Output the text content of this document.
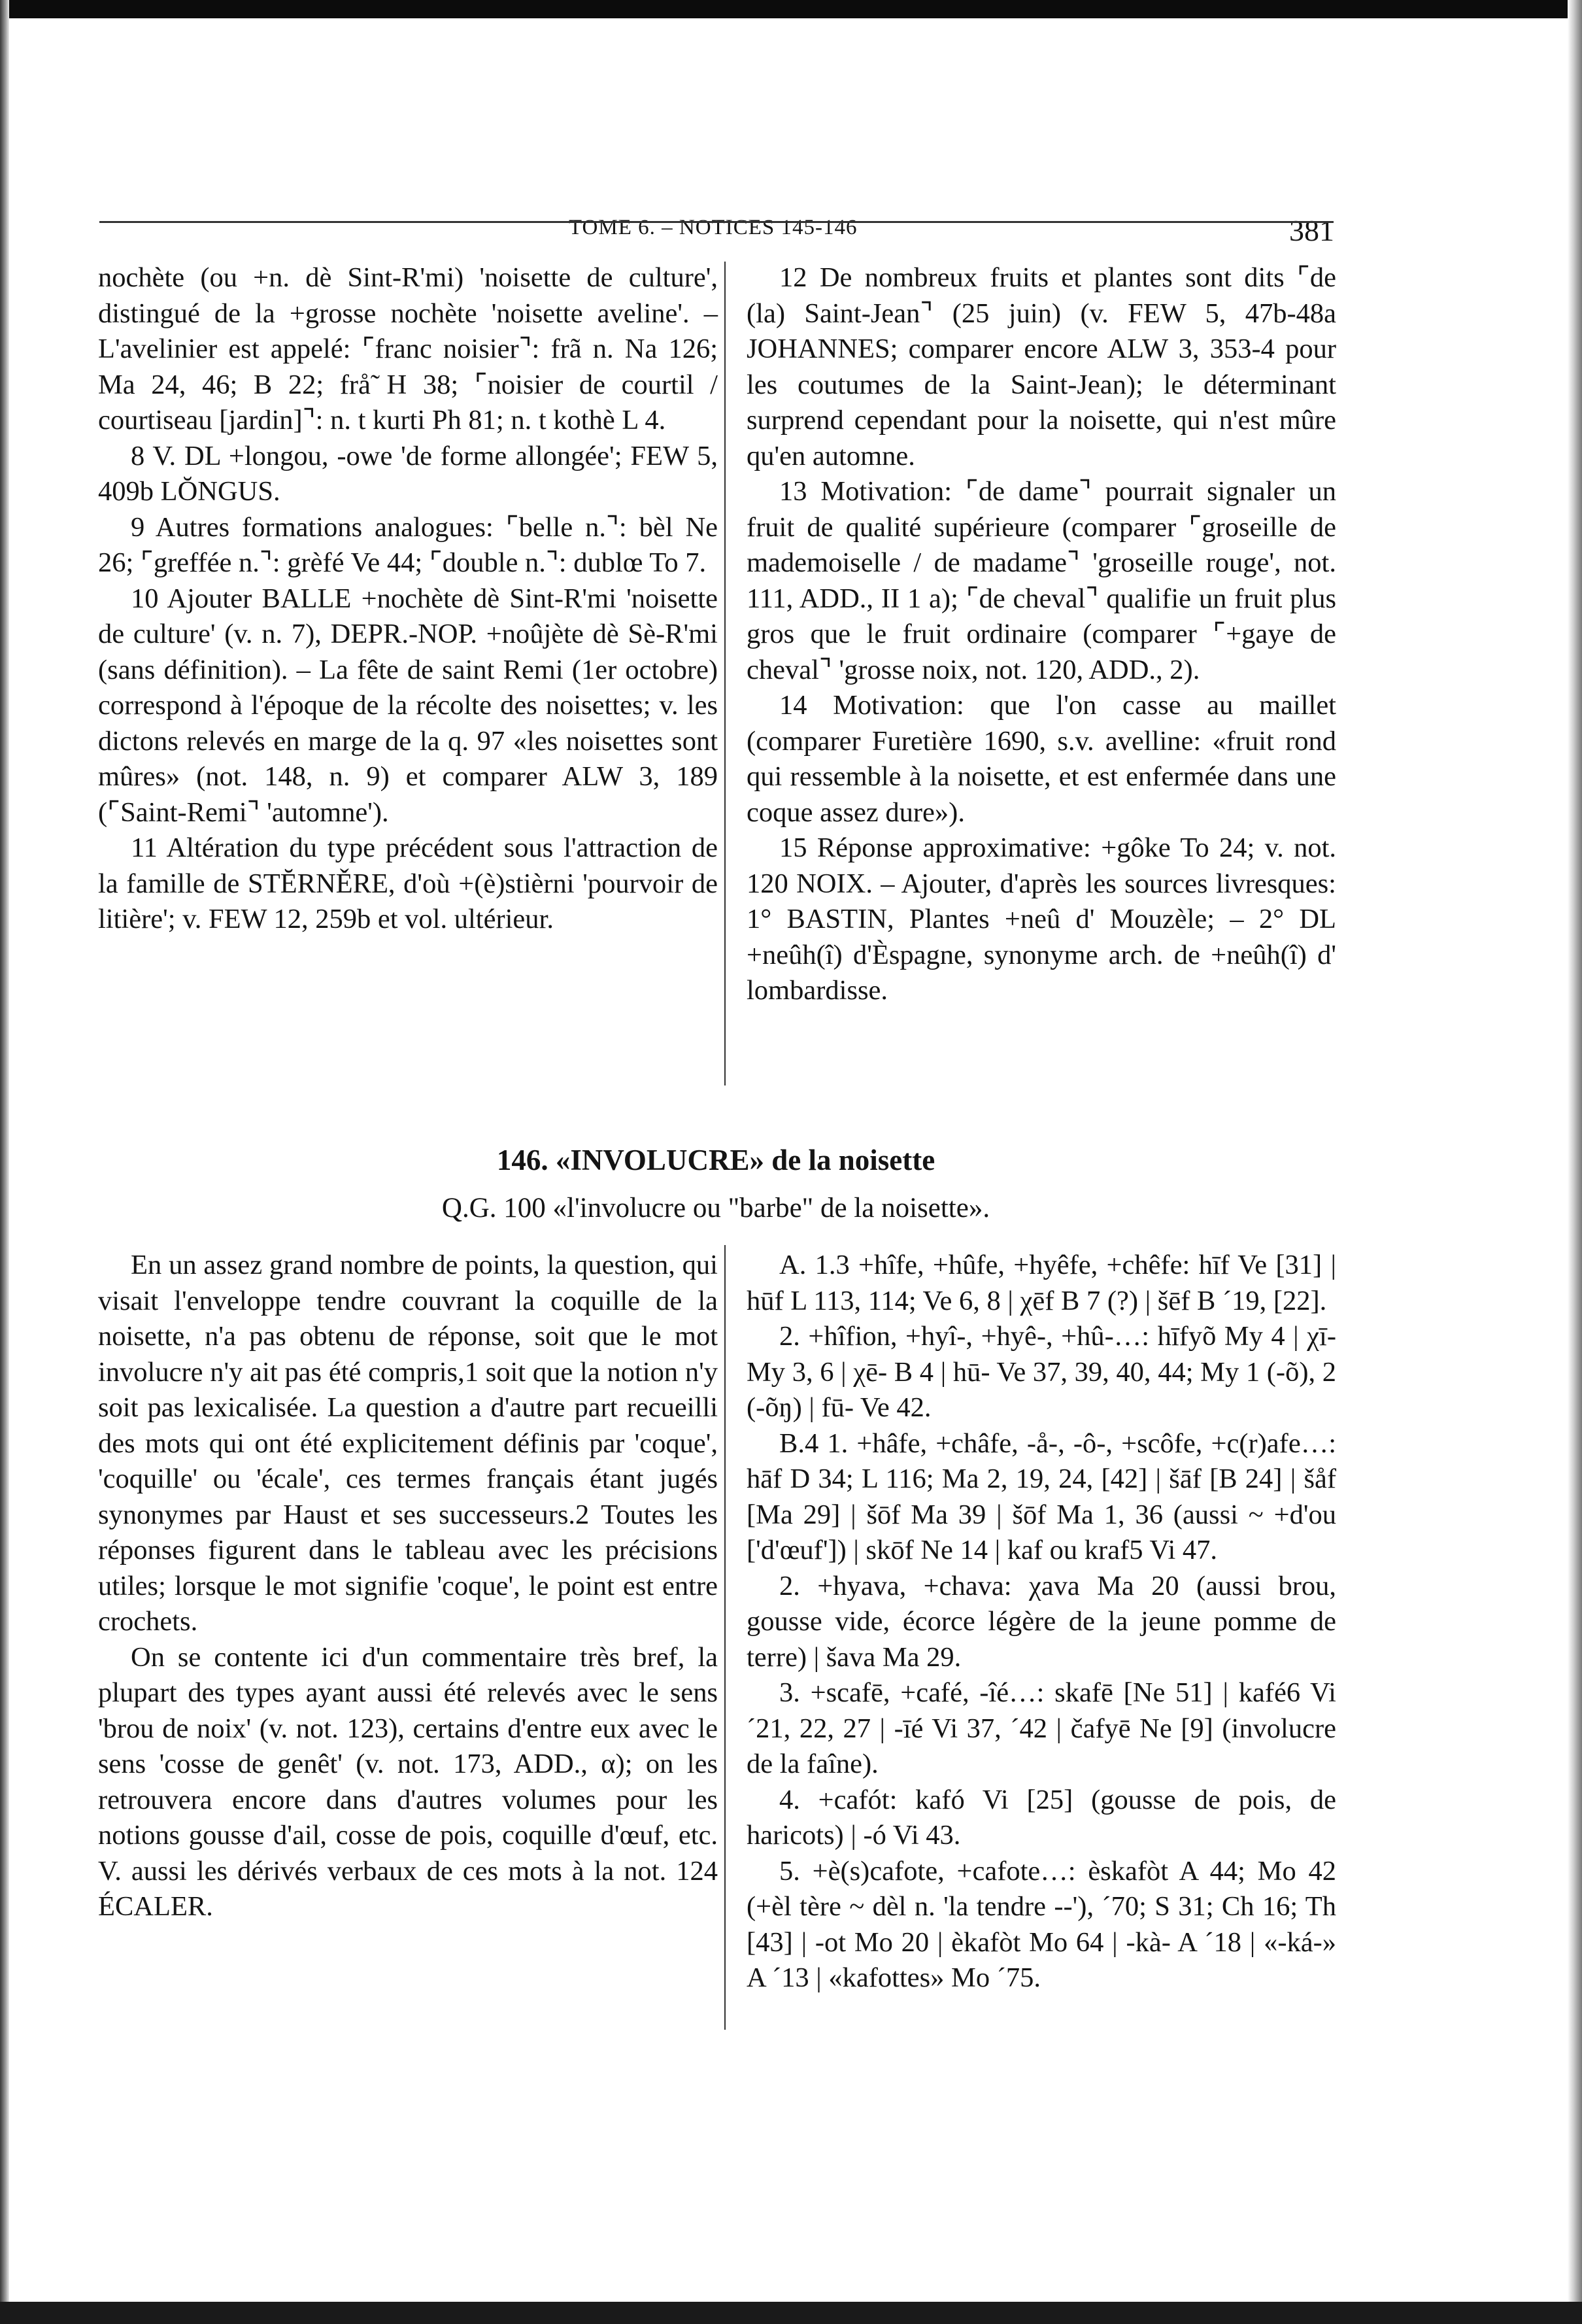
TOME 6. – NOTICES 145-146	381

nochète (ou +n. dè Sint-R'mi) 'noisette de culture', distingué de la +grosse nochète 'noisette aveline'. – L'avelinier est appelé: ⌜franc noisier⌝: frã n. Na 126; Ma 24, 46; B 22; frå̃ H 38; ⌜noisier de courtil / courtiseau [jardin]⌝: n. t kurti Ph 81; n. t kothè L 4.

8 V. DL +longou, -owe 'de forme allongée'; FEW 5, 409b LŎNGUS.

9 Autres formations analogues: ⌜belle n.⌝: bèl Ne 26; ⌜greffée n.⌝: grèfé Ve 44; ⌜double n.⌝: dublœ To 7.

10 Ajouter BALLE +nochète dè Sint-R'mi 'noisette de culture' (v. n. 7), DEPR.-NOP. +noûjète dè Sè-R'mi (sans définition). – La fête de saint Remi (1er octobre) correspond à l'époque de la récolte des noisettes; v. les dictons relevés en marge de la q. 97 «les noisettes sont mûres» (not. 148, n. 9) et comparer ALW 3, 189 (⌜Saint-Remi⌝ 'automne').

11 Altération du type précédent sous l'attraction de la famille de STĔRNĚRE, d'où +(è)stièrni 'pourvoir de litière'; v. FEW 12, 259b et vol. ultérieur.

12 De nombreux fruits et plantes sont dits ⌜de (la) Saint-Jean⌝ (25 juin) (v. FEW 5, 47b-48a JOHANNES; comparer encore ALW 3, 353-4 pour les coutumes de la Saint-Jean); le déterminant surprend cependant pour la noisette, qui n'est mûre qu'en automne.

13 Motivation: ⌜de dame⌝ pourrait signaler un fruit de qualité supérieure (comparer ⌜groseille de mademoiselle / de madame⌝ 'groseille rouge', not. 111, ADD., II 1 a); ⌜de cheval⌝ qualifie un fruit plus gros que le fruit ordinaire (comparer ⌜+gaye de cheval⌝ 'grosse noix, not. 120, ADD., 2).

14 Motivation: que l'on casse au maillet (comparer Furetière 1690, s.v. avelline: «fruit rond qui ressemble à la noisette, et est enfermée dans une coque assez dure»).

15 Réponse approximative: +gôke To 24; v. not. 120 NOIX. – Ajouter, d'après les sources livresques: 1° BASTIN, Plantes +neû d' Mouzèle; – 2° DL +neûh(î) d'Èspagne, synonyme arch. de +neûh(î) d' lombardisse.

146. «INVOLUCRE» de la noisette
Q.G. 100 «l'involucre ou "barbe" de la noisette».

En un assez grand nombre de points, la question, qui visait l'enveloppe tendre couvrant la coquille de la noisette, n'a pas obtenu de réponse, soit que le mot involucre n'y ait pas été compris,1 soit que la notion n'y soit pas lexicalisée. La question a d'autre part recueilli des mots qui ont été explicitement définis par 'coque', 'coquille' ou 'écale', ces termes français étant jugés synonymes par Haust et ses successeurs.2 Toutes les réponses figurent dans le tableau avec les précisions utiles; lorsque le mot signifie 'coque', le point est entre crochets.

On se contente ici d'un commentaire très bref, la plupart des types ayant aussi été relevés avec le sens 'brou de noix' (v. not. 123), certains d'entre eux avec le sens 'cosse de genêt' (v. not. 173, ADD., α); on les retrouvera encore dans d'autres volumes pour les notions gousse d'ail, cosse de pois, coquille d'œuf, etc. V. aussi les dérivés verbaux de ces mots à la not. 124 ÉCALER.

A. 1.3 +hîfe, +hûfe, +hyêfe, +chêfe: hīf Ve [31] | hūf L 113, 114; Ve 6, 8 | χēf B 7 (?) | šēf B ´19, [22].

2. +hîfion, +hyî-, +hyê-, +hû-…: hīfyõ My 4 | χī- My 3, 6 | χē- B 4 | hū- Ve 37, 39, 40, 44; My 1 (-õ), 2 (-õŋ) | fū- Ve 42.

B.4 1. +hâfe, +châfe, -å-, -ô-, +scôfe, +c(r)afe…: hāf D 34; L 116; Ma 2, 19, 24, [42] | šāf [B 24] | šåf [Ma 29] | šōf Ma 39 | šōf Ma 1, 36 (aussi ~ +d'ou ['d'œuf']) | skōf Ne 14 | kaf ou kraf5 Vi 47.

2. +hyava, +chava: χava Ma 20 (aussi brou, gousse vide, écorce légère de la jeune pomme de terre) | šava Ma 29.

3. +scafē, +café, -îé…: skafē [Ne 51] | kafé6 Vi ´21, 22, 27 | -īé Vi 37, ´42 | čafyē Ne [9] (involucre de la faîne).

4. +cafót: kafó Vi [25] (gousse de pois, de haricots) | -ó Vi 43.

5. +è(s)cafote, +cafote…: èskafòt A 44; Mo 42 (+èl tère ~ dèl n. 'la tendre --'), ´70; S 31; Ch 16; Th [43] | -ot Mo 20 | èkafòt Mo 64 | -kà- A ´18 | «-ká-» A ´13 | «kafottes» Mo ´75.
